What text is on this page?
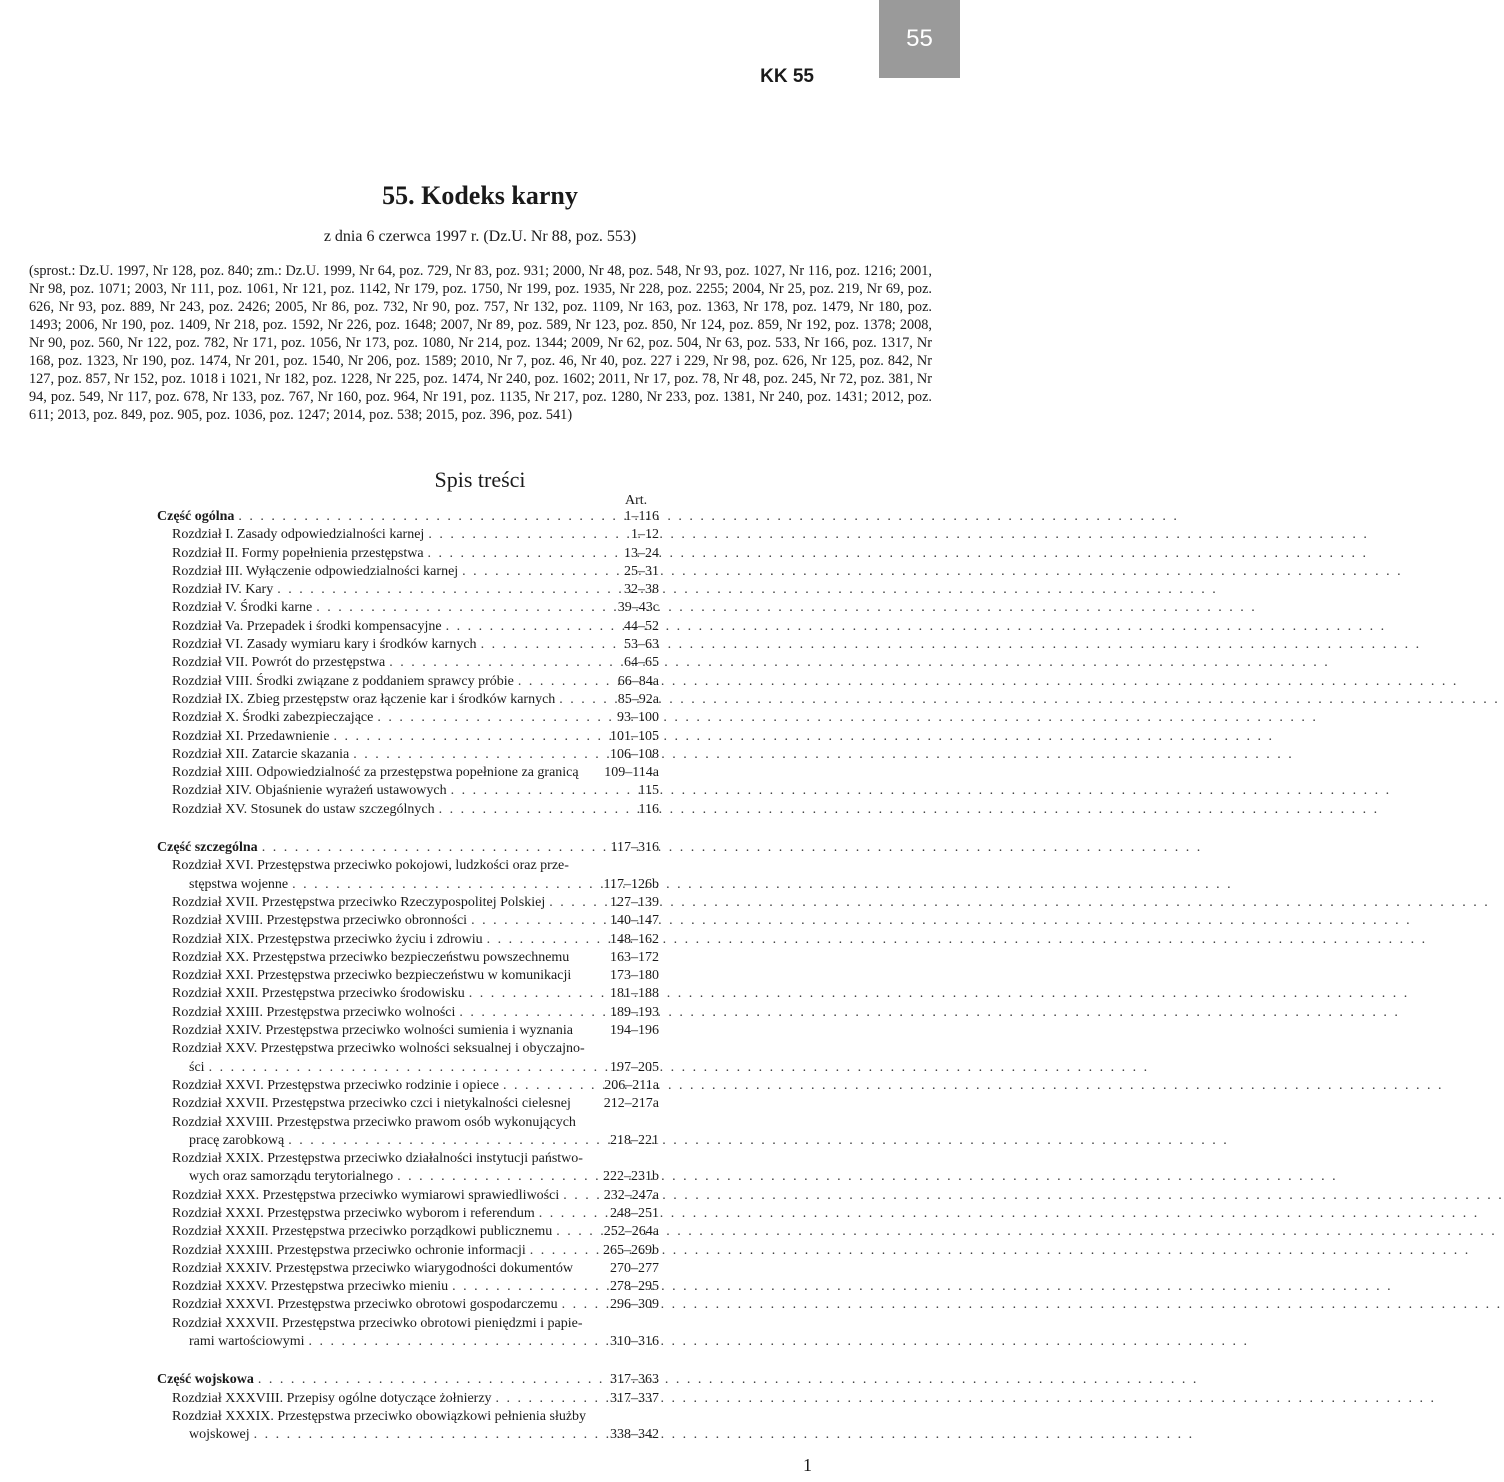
55
KK 55
55. Kodeks karny
z dnia 6 czerwca 1997 r. (Dz.U. Nr 88, poz. 553)
(sprost.: Dz.U. 1997, Nr 128, poz. 840; zm.: Dz.U. 1999, Nr 64, poz. 729, Nr 83, poz. 931; 2000, Nr 48, poz. 548, Nr 93, poz. 1027, Nr 116, poz. 1216; 2001, Nr 98, poz. 1071; 2003, Nr 111, poz. 1061, Nr 121, poz. 1142, Nr 179, poz. 1750, Nr 199, poz. 1935, Nr 228, poz. 2255; 2004, Nr 25, poz. 219, Nr 69, poz. 626, Nr 93, poz. 889, Nr 243, poz. 2426; 2005, Nr 86, poz. 732, Nr 90, poz. 757, Nr 132, poz. 1109, Nr 163, poz. 1363, Nr 178, poz. 1479, Nr 180, poz. 1493; 2006, Nr 190, poz. 1409, Nr 218, poz. 1592, Nr 226, poz. 1648; 2007, Nr 89, poz. 589, Nr 123, poz. 850, Nr 124, poz. 859, Nr 192, poz. 1378; 2008, Nr 90, poz. 560, Nr 122, poz. 782, Nr 171, poz. 1056, Nr 173, poz. 1080, Nr 214, poz. 1344; 2009, Nr 62, poz. 504, Nr 63, poz. 533, Nr 166, poz. 1317, Nr 168, poz. 1323, Nr 190, poz. 1474, Nr 201, poz. 1540, Nr 206, poz. 1589; 2010, Nr 7, poz. 46, Nr 40, poz. 227 i 229, Nr 98, poz. 626, Nr 125, poz. 842, Nr 127, poz. 857, Nr 152, poz. 1018 i 1021, Nr 182, poz. 1228, Nr 225, poz. 1474, Nr 240, poz. 1602; 2011, Nr 17, poz. 78, Nr 48, poz. 245, Nr 72, poz. 381, Nr 94, poz. 549, Nr 117, poz. 678, Nr 133, poz. 767, Nr 160, poz. 964, Nr 191, poz. 1135, Nr 217, poz. 1280, Nr 233, poz. 1381, Nr 240, poz. 1431; 2012, poz. 611; 2013, poz. 849, poz. 905, poz. 1036, poz. 1247; 2014, poz. 538; 2015, poz. 396, poz. 541)
Spis treści
Art.
Część ogólna . . .	1–116
Rozdział I. Zasady odpowiedzialności karnej . . .	1–12
Rozdział II. Formy popełnienia przestępstwa . . .	13–24
Rozdział III. Wyłączenie odpowiedzialności karnej . . .	25–31
Rozdział IV. Kary . . .	32–38
Rozdział V. Środki karne . . .	39–43c
Rozdział Va. Przepadek i środki kompensacyjne . . .	44–52
Rozdział VI. Zasady wymiaru kary i środków karnych . . .	53–63
Rozdział VII. Powrót do przestępstwa . . .	64–65
Rozdział VIII. Środki związane z poddaniem sprawcy próbie . . .	66–84a
Rozdział IX. Zbieg przestępstw oraz łączenie kar i środków karnych . . .	85–92a
Rozdział X. Środki zabezpieczające . . .	93–100
Rozdział XI. Przedawnienie . . .	101–105
Rozdział XII. Zatarcie skazania . . .	106–108
Rozdział XIII. Odpowiedzialność za przestępstwa popełnione za granicą 109–114a
Rozdział XIV. Objaśnienie wyrażeń ustawowych . . .	115
Rozdział XV. Stosunek do ustaw szczególnych . . .	116
Część szczególna . . .	117–316
Rozdział XVI. Przestępstwa przeciwko pokojowi, ludzkości oraz prze-
stępstwa wojenne . . .	117–126b
Rozdział XVII. Przestępstwa przeciwko Rzeczypospolitej Polskiej . . .	127–139
Rozdział XVIII. Przestępstwa przeciwko obronności . . .	140–147
Rozdział XIX. Przestępstwa przeciwko życiu i zdrowiu . . .	148–162
Rozdział XX. Przestępstwa przeciwko bezpieczeństwu powszechnemu	163–172
Rozdział XXI. Przestępstwa przeciwko bezpieczeństwu w komunikacji	173–180
Rozdział XXII. Przestępstwa przeciwko środowisku . . .	181–188
Rozdział XXIII. Przestępstwa przeciwko wolności . . .	189–193
Rozdział XXIV. Przestępstwa przeciwko wolności sumienia i wyznania	194–196
Rozdział XXV. Przestępstwa przeciwko wolności seksualnej i obyczajno-
ści . . .	197–205
Rozdział XXVI. Przestępstwa przeciwko rodzinie i opiece . . .	206–211a
Rozdział XXVII. Przestępstwa przeciwko czci i nietykalności cielesnej 212–217a
Rozdział XXVIII. Przestępstwa przeciwko prawom osób wykonujących
pracę zarobkową . . .	218–221
Rozdział XXIX. Przestępstwa przeciwko działalności instytucji państwo-
wych oraz samorządu terytorialnego . . .	222–231b
Rozdział XXX. Przestępstwa przeciwko wymiarowi sprawiedliwości . . .	232–247a
Rozdział XXXI. Przestępstwa przeciwko wyborom i referendum . . .	248–251
Rozdział XXXII. Przestępstwa przeciwko porządkowi publicznemu . . .	252–264a
Rozdział XXXIII. Przestępstwa przeciwko ochronie informacji . . .	265–269b
Rozdział XXXIV. Przestępstwa przeciwko wiarygodności dokumentów	270–277
Rozdział XXXV. Przestępstwa przeciwko mieniu . . .	278–295
Rozdział XXXVI. Przestępstwa przeciwko obrotowi gospodarczemu . . .	296–309
Rozdział XXXVII. Przestępstwa przeciwko obrotowi pieniędzmi i papie-
rami wartościowymi . . .	310–316
Część wojskowa . . .	317–363
Rozdział XXXVIII. Przepisy ogólne dotyczące żołnierzy . . .	317–337
Rozdział XXXIX. Przestępstwa przeciwko obowiązkowi pełnienia służby
wojskowej . . .	338–342
1
